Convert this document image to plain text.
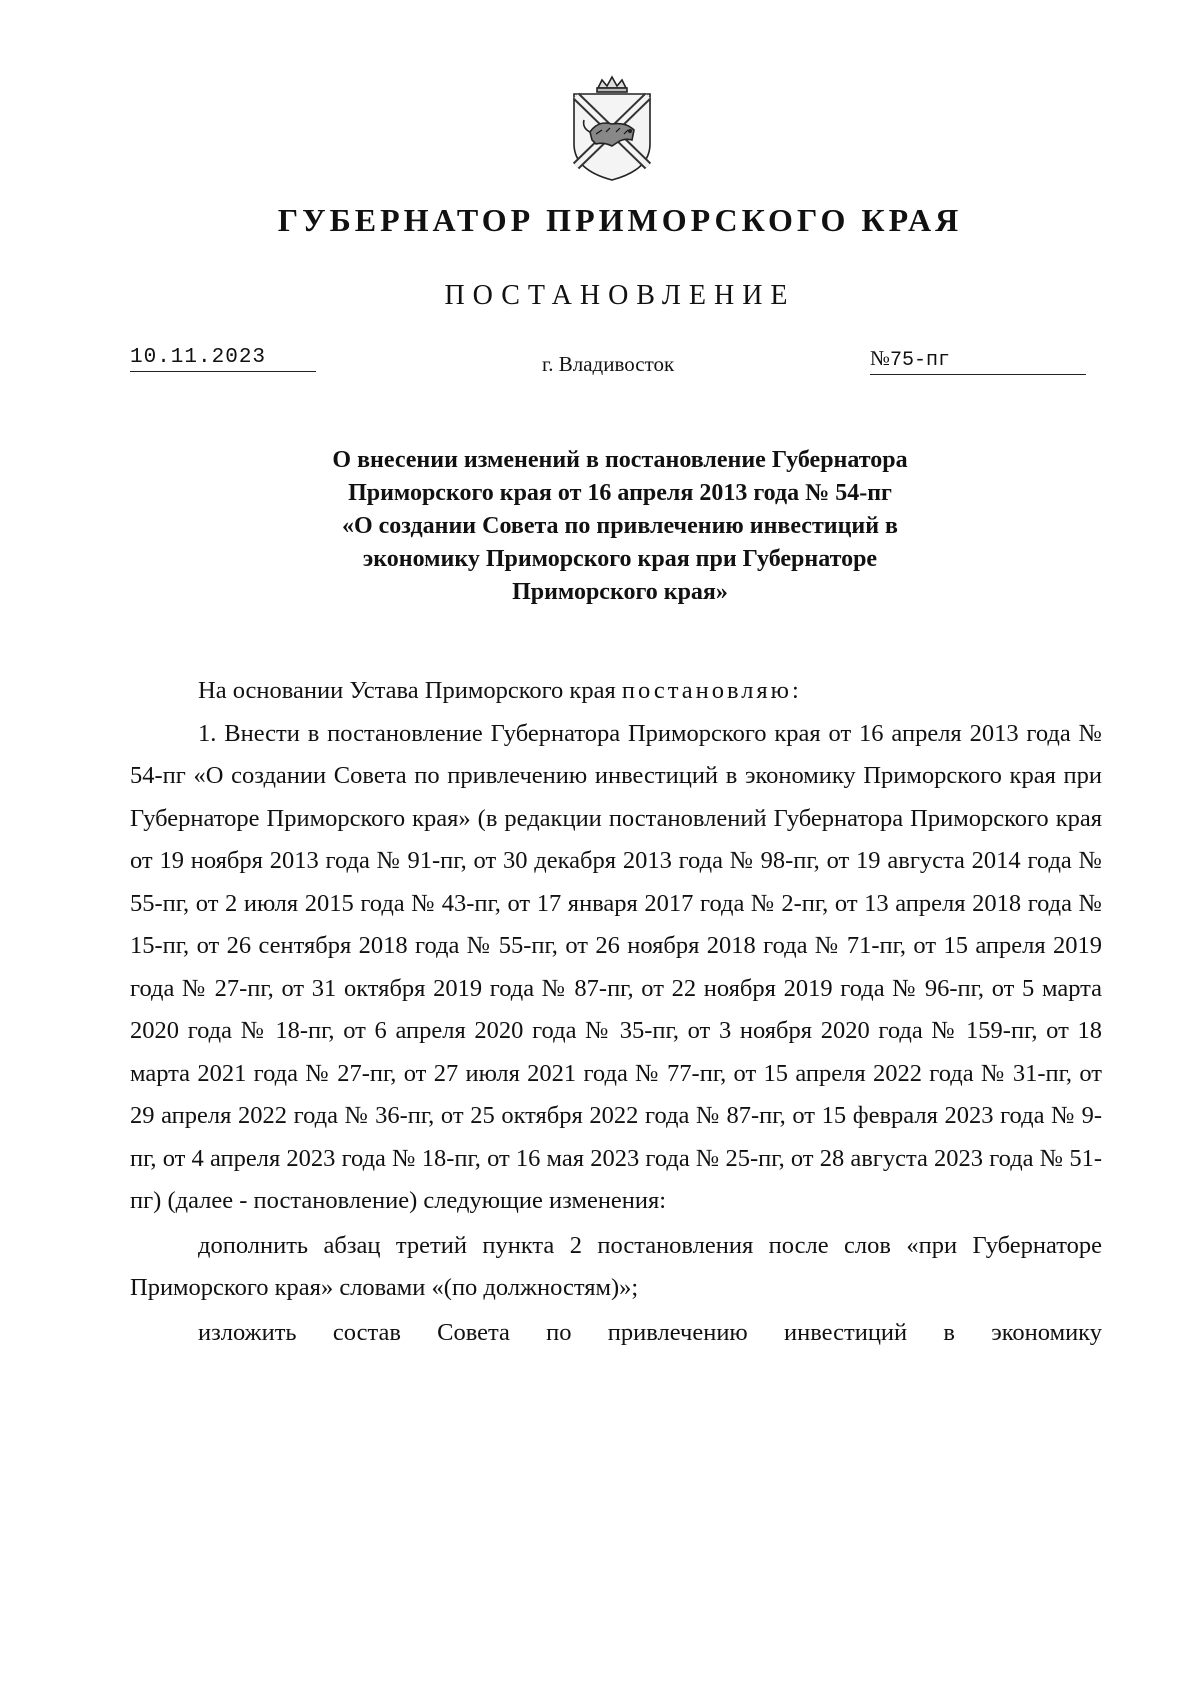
ГУБЕРНАТОР ПРИМОРСКОГО КРАЯ
ПОСТАНОВЛЕНИЕ
10.11.2023	г. Владивосток	№75-пг
О внесении изменений в постановление Губернатора
Приморского края от 16 апреля 2013 года № 54-пг
«О создании Совета по привлечению инвестиций в
экономику Приморского края при Губернаторе
Приморского края»

На основании Устава Приморского края постановляю:

1. Внести в постановление Губернатора Приморского края от 16 апреля 2013 года № 54-пг «О создании Совета по привлечению инвестиций в экономику Приморского края при Губернаторе Приморского края» (в редакции постановлений Губернатора Приморского края от 19 ноября 2013 года № 91-пг, от 30 декабря 2013 года № 98-пг, от 19 августа 2014 года № 55-пг, от 2 июля 2015 года № 43-пг, от 17 января 2017 года № 2-пг, от 13 апреля 2018 года № 15-пг, от 26 сентября 2018 года № 55-пг, от 26 ноября 2018 года № 71-пг, от 15 апреля 2019 года № 27-пг, от 31 октября 2019 года № 87-пг, от 22 ноября 2019 года № 96-пг, от 5 марта 2020 года № 18-пг, от 6 апреля 2020 года № 35-пг, от 3 ноября 2020 года № 159-пг, от 18 марта 2021 года № 27-пг, от 27 июля 2021 года № 77-пг, от 15 апреля 2022 года № 31-пг, от 29 апреля 2022 года № 36-пг, от 25 октября 2022 года № 87-пг, от 15 февраля 2023 года № 9-пг, от 4 апреля 2023 года № 18-пг, от 16 мая 2023 года № 25-пг, от 28 августа 2023 года № 51-пг) (далее - постановление) следующие изменения:

дополнить абзац третий пункта 2 постановления после слов «при Губернаторе Приморского края» словами «(по должностям)»;

изложить состав Совета по привлечению инвестиций в экономику
